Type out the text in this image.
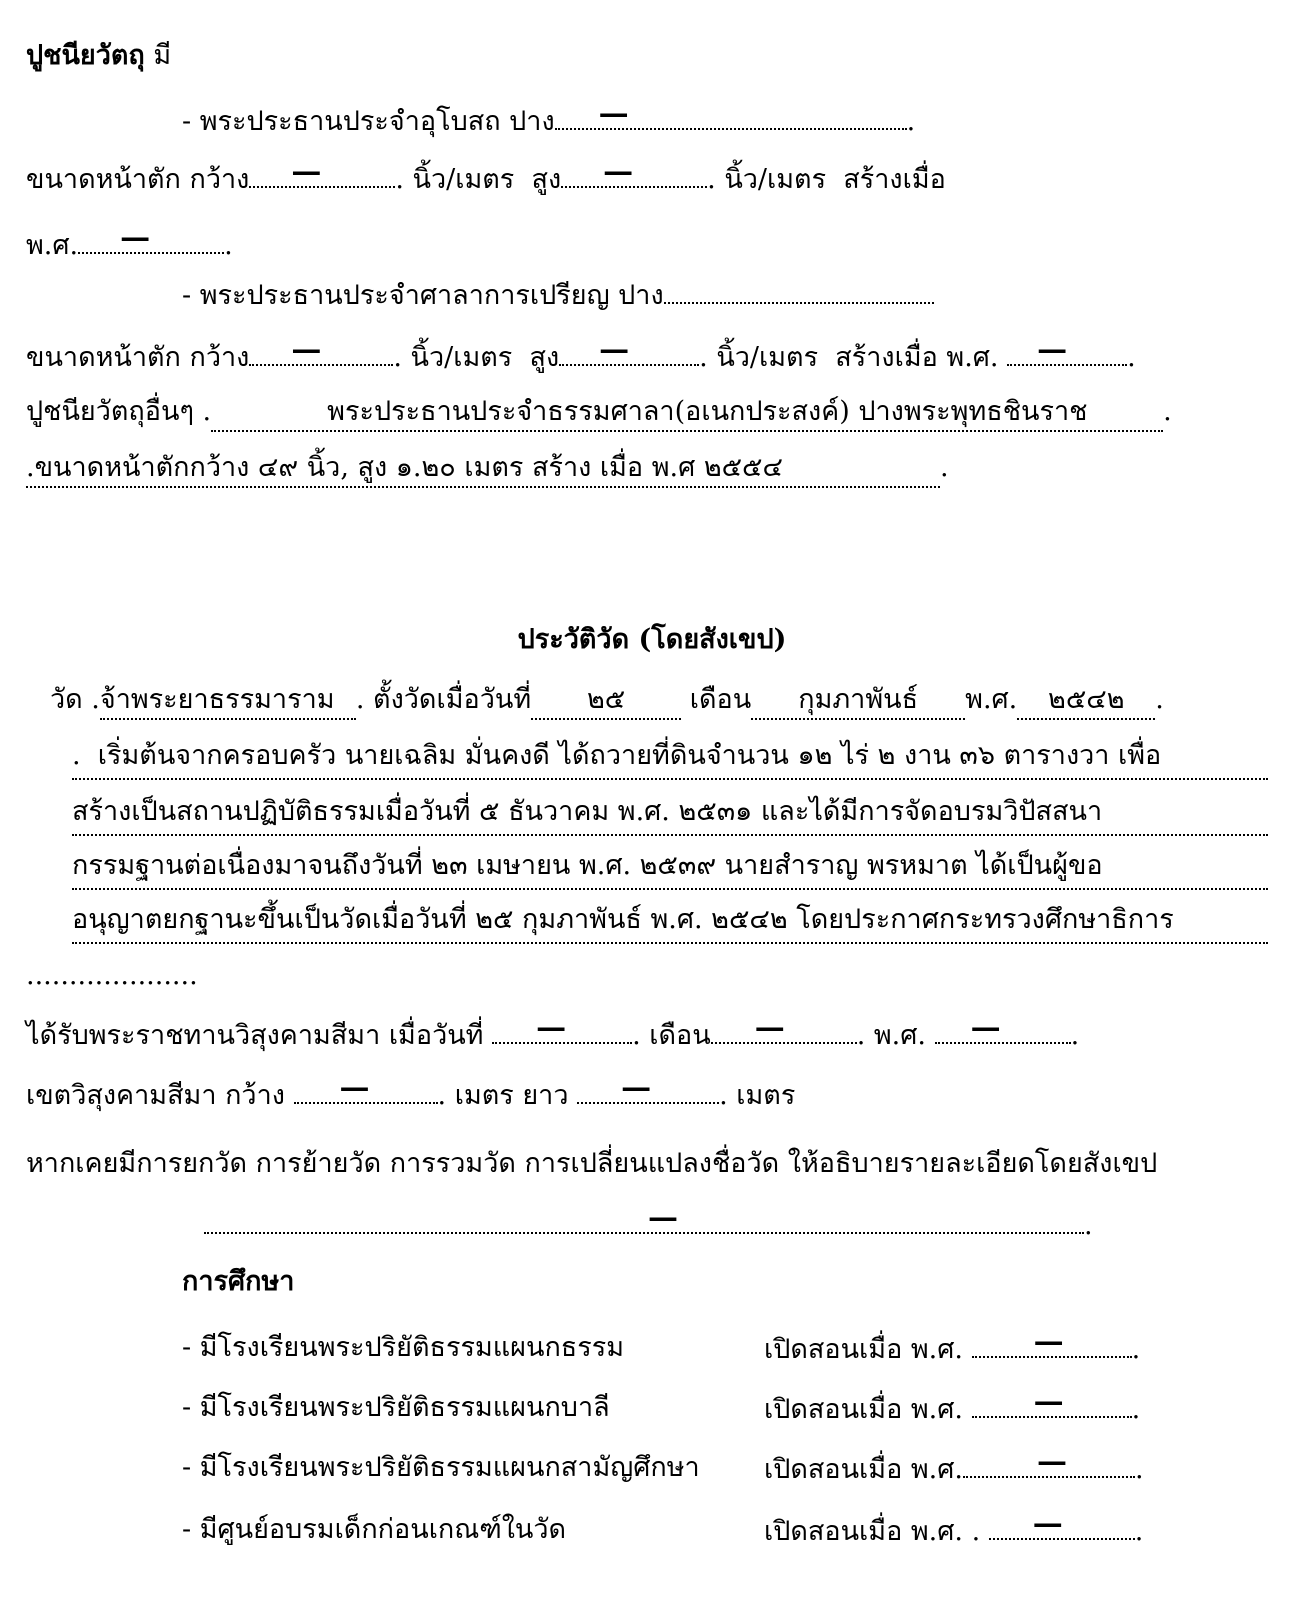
ปูชนียวัตถุ มี
- พระประธานประจำอุโบสถ ปาง —	.
ขนาดหน้าตัก กว้าง —	. นิ้ว/เมตร สูง —	. นิ้ว/เมตร สร้างเมื่อ
พ.ศ. —	.
- พระประธานประจำศาลาการเปรียญ ปาง
ขนาดหน้าตัก กว้าง —	. นิ้ว/เมตร สูง —	. นิ้ว/เมตร สร้างเมื่อ พ.ศ. — .
ปูชนียวัตถุอื่นๆ .	พระประธานประจำธรรมศาลา(อเนกประสงค์) ปางพระพุทธชินราช	.
.ขนาดหน้าตักกว้าง ๔๙ นิ้ว, สูง ๑.๒๐ เมตร สร้าง เมื่อ พ.ศ ๒๕๕๔	.
ประวัติวัด (โดยสังเขป)
วัด .จ้าพระยาธรรมาราม . ตั้งวัดเมื่อวันที่ ๒๕ เดือน กุมภาพันธ์ พ.ศ. ๒๕๔๒ .
.  เริ่มต้นจากครอบครัว นายเฉลิม มั่นคงดี ได้ถวายที่ดินจำนวน ๑๒ ไร่ ๒ งาน ๓๖ ตารางวา เพื่อ
สร้างเป็นสถานปฏิบัติธรรมเมื่อวันที่ ๕ ธันวาคม พ.ศ. ๒๕๓๑ และได้มีการจัดอบรมวิปัสสนา
กรรมฐานต่อเนื่องมาจนถึงวันที่ ๒๓ เมษายน พ.ศ. ๒๕๓๙ นายสำราญ พรหมาต ได้เป็นผู้ขอ
อนุญาตยกฐานะขึ้นเป็นวัดเมื่อวันที่ ๒๕ กุมภาพันธ์ พ.ศ. ๒๕๔๒ โดยประกาศกระทรวงศึกษาธิการ
....................
ได้รับพระราชทานวิสุงคามสีมา เมื่อวันที่ — . เดือน —	. พ.ศ. —	.
เขตวิสุงคามสีมา กว้าง —	. เมตร ยาว —	. เมตร
หากเคยมีการยกวัด การย้ายวัด การรวมวัด การเปลี่ยนแปลงชื่อวัด ให้อธิบายรายละเอียดโดยสังเขป
—	.
การศึกษา
- มีโรงเรียนพระปริยัติธรรมแผนกธรรม	เปิดสอนเมื่อ พ.ศ. —	.
- มีโรงเรียนพระปริยัติธรรมแผนกบาลี	เปิดสอนเมื่อ พ.ศ. —	.
- มีโรงเรียนพระปริยัติธรรมแผนกสามัญศึกษา เปิดสอนเมื่อ พ.ศ. —	.
- มีศูนย์อบรมเด็กก่อนเกณฑ์ในวัด	เปิดสอนเมื่อ พ.ศ. . —	.
